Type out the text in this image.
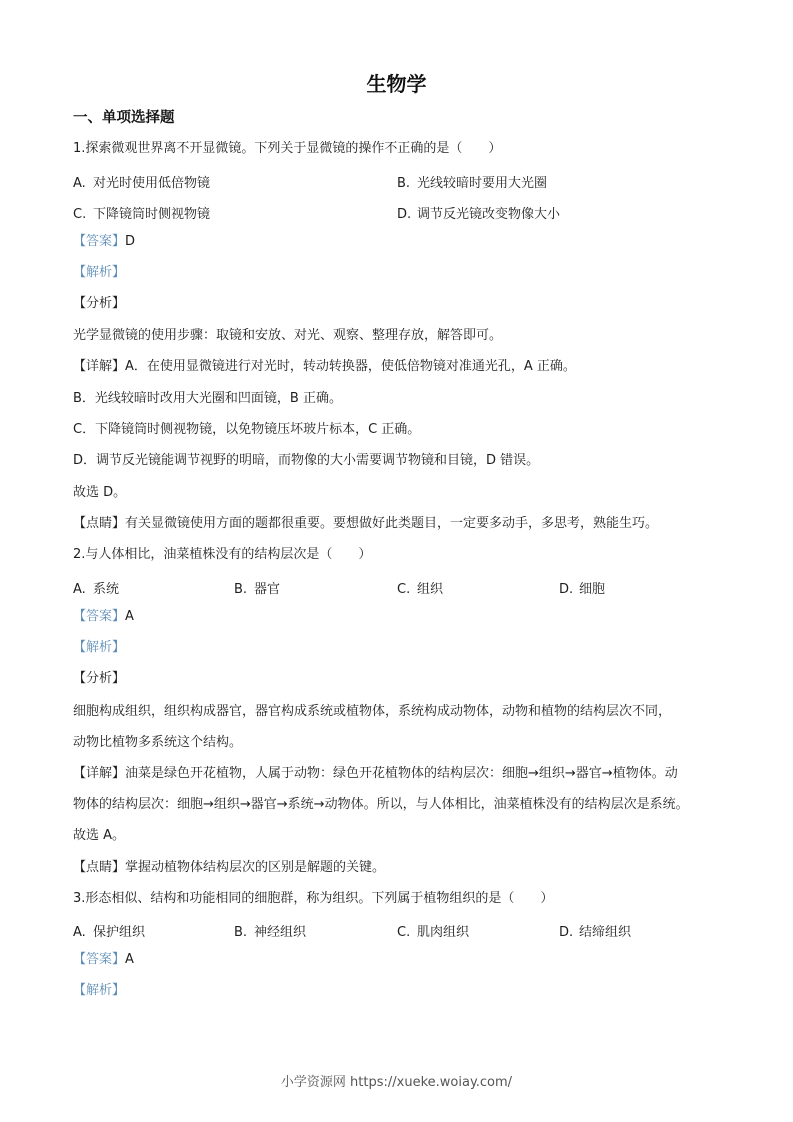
生物学
一、单项选择题
1.探索微观世界离不开显微镜。下列关于显微镜的操作不正确的是（　　）
A. 对光时使用低倍物镜	B. 光线较暗时要用大光圈
C. 下降镜筒时侧视物镜	D. 调节反光镜改变物像大小
【答案】D
【解析】
【分析】
光学显微镜的使用步骤：取镜和安放、对光、观察、整理存放，解答即可。
【详解】A．在使用显微镜进行对光时，转动转换器，使低倍物镜对准通光孔，A 正确。
B．光线较暗时改用大光圈和凹面镜，B 正确。
C．下降镜筒时侧视物镜，以免物镜压坏玻片标本，C 正确。
D．调节反光镜能调节视野的明暗，而物像的大小需要调节物镜和目镜，D 错误。
故选 D。
【点睛】有关显微镜使用方面的题都很重要。要想做好此类题目，一定要多动手，多思考，熟能生巧。
2.与人体相比，油菜植株没有的结构层次是（　　）
A. 系统	B. 器官	C. 组织	D. 细胞
【答案】A
【解析】
【分析】
细胞构成组织，组织构成器官，器官构成系统或植物体，系统构成动物体，动物和植物的结构层次不同，
动物比植物多系统这个结构。
【详解】油菜是绿色开花植物，人属于动物：绿色开花植物体的结构层次：细胞→组织→器官→植物体。动
物体的结构层次：细胞→组织→器官→系统→动物体。所以，与人体相比，油菜植株没有的结构层次是系统。
故选 A。
【点睛】掌握动植物体结构层次的区别是解题的关键。
3.形态相似、结构和功能相同的细胞群，称为组织。下列属于植物组织的是（　　）
A. 保护组织	B. 神经组织	C. 肌肉组织	D. 结缔组织
【答案】A
【解析】
小学资源网 https://xueke.woiay.com/
